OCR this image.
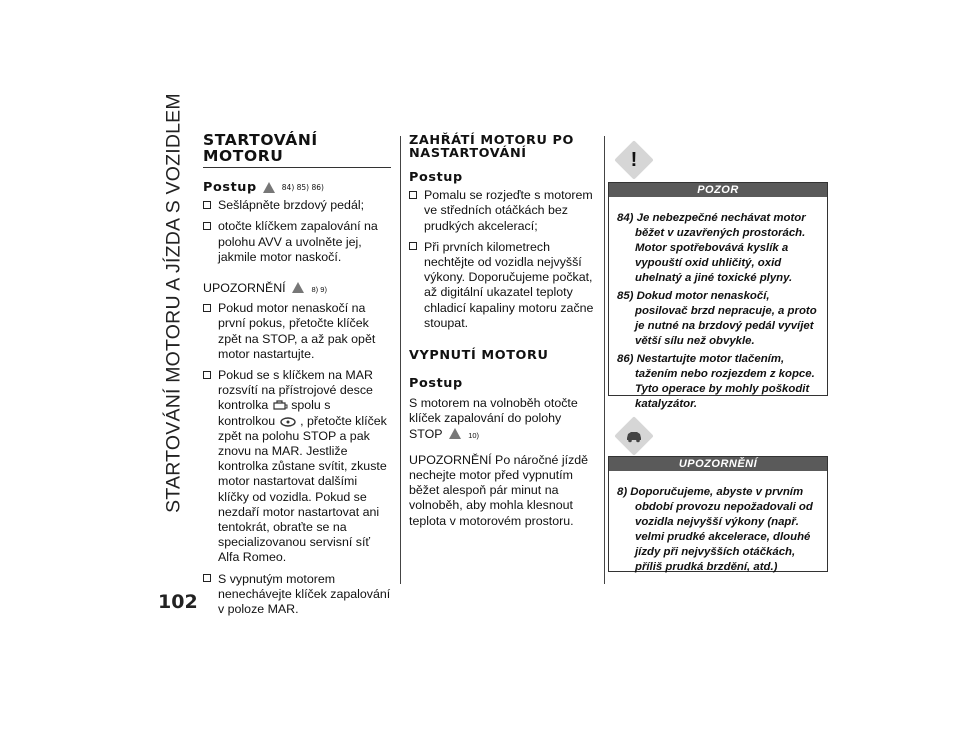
STARTOVÁNÍ MOTORU A JÍZDA S VOZIDLEM
102
STARTOVÁNÍ MOTORU
Postup	84) 85) 86)
Sešlápněte brzdový pedál;
otočte klíčkem zapalování na polohu AVV a uvolněte jej, jakmile motor naskočí.
UPOZORNĚNÍ	8) 9)
Pokud motor nenaskočí na první pokus, přetočte klíček zpět na STOP, a až pak opět motor nastartujte.
Pokud se s klíčkem na MAR rozsvítí na přístrojové desce kontrolka spolu s kontrolkou , přetočte klíček zpět na polohu STOP a pak znovu na MAR. Jestliže kontrolka zůstane svítit, zkuste motor nastartovat dalšími klíčky od vozidla. Pokud se nezdaří motor nastartovat ani tentokrát, obraťte se na specializovanou servisní síť Alfa Romeo.
S vypnutým motorem nenechávejte klíček zapalování v poloze MAR.
ZAHŘÁTÍ MOTORU PO NASTARTOVÁNÍ
Postup
Pomalu se rozjeďte s motorem ve středních otáčkách bez prudkých akcelerací;
Při prvních kilometrech nechtějte od vozidla nejvyšší výkony. Doporučujeme počkat, až digitální ukazatel teploty chladicí kapaliny motoru začne stoupat.
VYPNUTÍ MOTORU
Postup

S motorem na volnoběh otočte klíček zapalování do polohy STOP	10)

UPOZORNĚNÍ Po náročné jízdě nechejte motor před vypnutím běžet alespoň pár minut na volnoběh, aby mohla klesnout teplota v motorovém prostoru.

!
POZOR
84) Je nebezpečné nechávat motor běžet v uzavřených prostorách. Motor spotřebovává kyslík a vypouští oxid uhličitý, oxid uhelnatý a jiné toxické plyny.
85) Dokud motor nenaskočí, posilovač brzd nepracuje, a proto je nutné na brzdový pedál vyvíjet větší sílu než obvykle.
86) Nestartujte motor tlačením, tažením nebo rozjezdem z kopce. Tyto operace by mohly poškodit katalyzátor.
UPOZORNĚNÍ
8) Doporučujeme, abyste v prvním období provozu nepožadovali od vozidla nejvyšší výkony (např. velmi prudké akcelerace, dlouhé jízdy při nejvyšších otáčkách, příliš prudká brzdění, atd.)
